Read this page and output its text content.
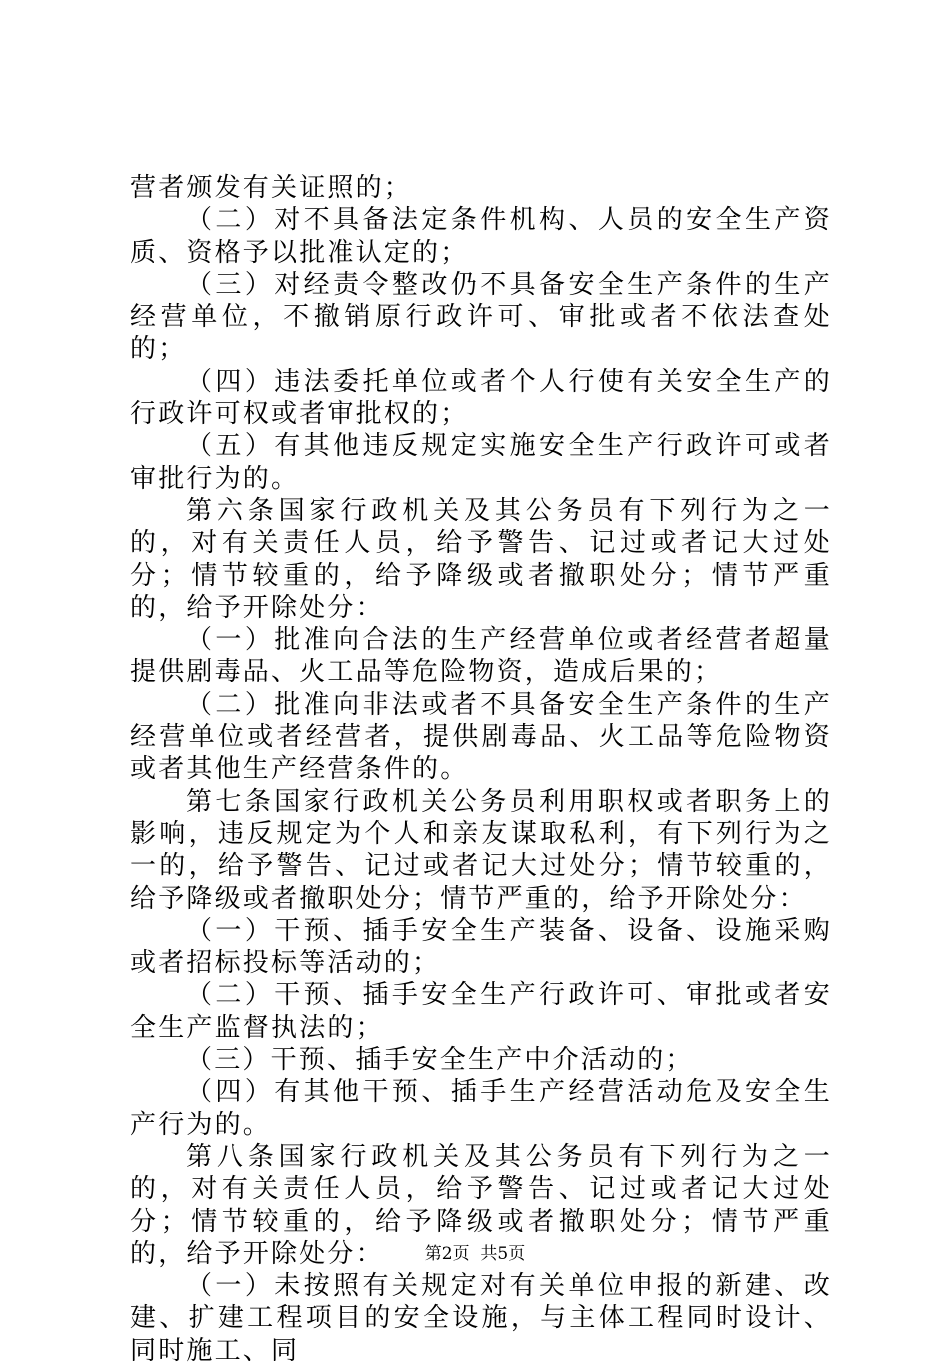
营者颁发有关证照的；

（二）对不具备法定条件机构、人员的安全生产资质、资格予以批准认定的；

（三）对经责令整改仍不具备安全生产条件的生产经营单位，不撤销原行政许可、审批或者不依法查处的；

（四）违法委托单位或者个人行使有关安全生产的行政许可权或者审批权的；

（五）有其他违反规定实施安全生产行政许可或者审批行为的。

第六条国家行政机关及其公务员有下列行为之一的，对有关责任人员，给予警告、记过或者记大过处分；情节较重的，给予降级或者撤职处分；情节严重的，给予开除处分：

（一）批准向合法的生产经营单位或者经营者超量提供剧毒品、火工品等危险物资，造成后果的；

（二）批准向非法或者不具备安全生产条件的生产经营单位或者经营者，提供剧毒品、火工品等危险物资或者其他生产经营条件的。

第七条国家行政机关公务员利用职权或者职务上的影响，违反规定为个人和亲友谋取私利，有下列行为之一的，给予警告、记过或者记大过处分；情节较重的，给予降级或者撤职处分；情节严重的，给予开除处分：

（一）干预、插手安全生产装备、设备、设施采购或者招标投标等活动的；

（二）干预、插手安全生产行政许可、审批或者安全生产监督执法的；

（三）干预、插手安全生产中介活动的；

（四）有其他干预、插手生产经营活动危及安全生产行为的。

第八条国家行政机关及其公务员有下列行为之一的，对有关责任人员，给予警告、记过或者记大过处分；情节较重的，给予降级或者撤职处分；情节严重的，给予开除处分：

（一）未按照有关规定对有关单位申报的新建、改建、扩建工程项目的安全设施，与主体工程同时设计、同时施工、同

第2页  共5页
